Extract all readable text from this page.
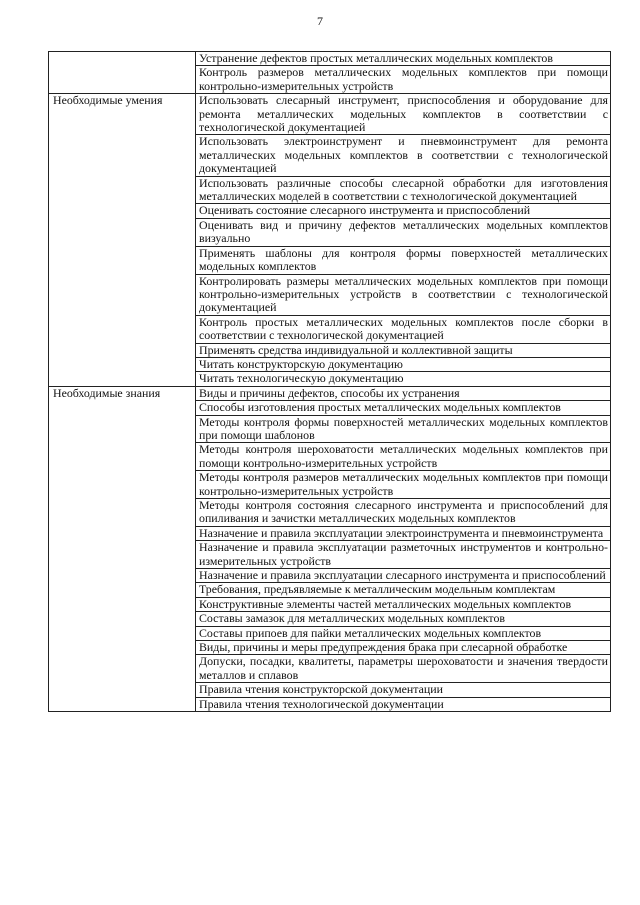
7
	Устранение дефектов простых металлических модельных комплектов
	Контроль размеров металлических модельных комплектов при помощи контрольно-измерительных устройств
Необходимые умения	Использовать слесарный инструмент, приспособления и оборудование для ремонта металлических модельных комплектов в соответствии с технологической документацией
	Использовать электроинструмент и пневмоинструмент для ремонта металлических модельных комплектов в соответствии с технологической документацией
	Использовать различные способы слесарной обработки для изготовления металлических моделей в соответствии с технологической документацией
	Оценивать состояние слесарного инструмента и приспособлений
	Оценивать вид и причину дефектов металлических модельных комплектов визуально
	Применять шаблоны для контроля формы поверхностей металлических модельных комплектов
	Контролировать размеры металлических модельных комплектов при помощи контрольно-измерительных устройств в соответствии с технологической документацией
	Контроль простых металлических модельных комплектов после сборки в соответствии с технологической документацией
	Применять средства индивидуальной и коллективной защиты
	Читать конструкторскую документацию
	Читать технологическую документацию
Необходимые знания	Виды и причины дефектов, способы их устранения
	Способы изготовления простых металлических модельных комплектов
	Методы контроля формы поверхностей металлических модельных комплектов при помощи шаблонов
	Методы контроля шероховатости металлических модельных комплектов при помощи контрольно-измерительных устройств
	Методы контроля размеров металлических модельных комплектов при помощи контрольно-измерительных устройств
	Методы контроля состояния слесарного инструмента и приспособлений для опиливания и зачистки металлических модельных комплектов
	Назначение и правила эксплуатации электроинструмента и пневмоинструмента
	Назначение и правила эксплуатации разметочных инструментов и контрольно-измерительных устройств
	Назначение и правила эксплуатации слесарного инструмента и приспособлений
	Требования, предъявляемые к металлическим модельным комплектам
	Конструктивные элементы частей металлических модельных комплектов
	Составы замазок для металлических модельных комплектов
	Составы припоев для пайки металлических модельных комплектов
	Виды, причины и меры предупреждения брака при слесарной обработке
	Допуски, посадки, квалитеты, параметры шероховатости и значения твердости металлов и сплавов
	Правила чтения конструкторской документации
	Правила чтения технологической документации
